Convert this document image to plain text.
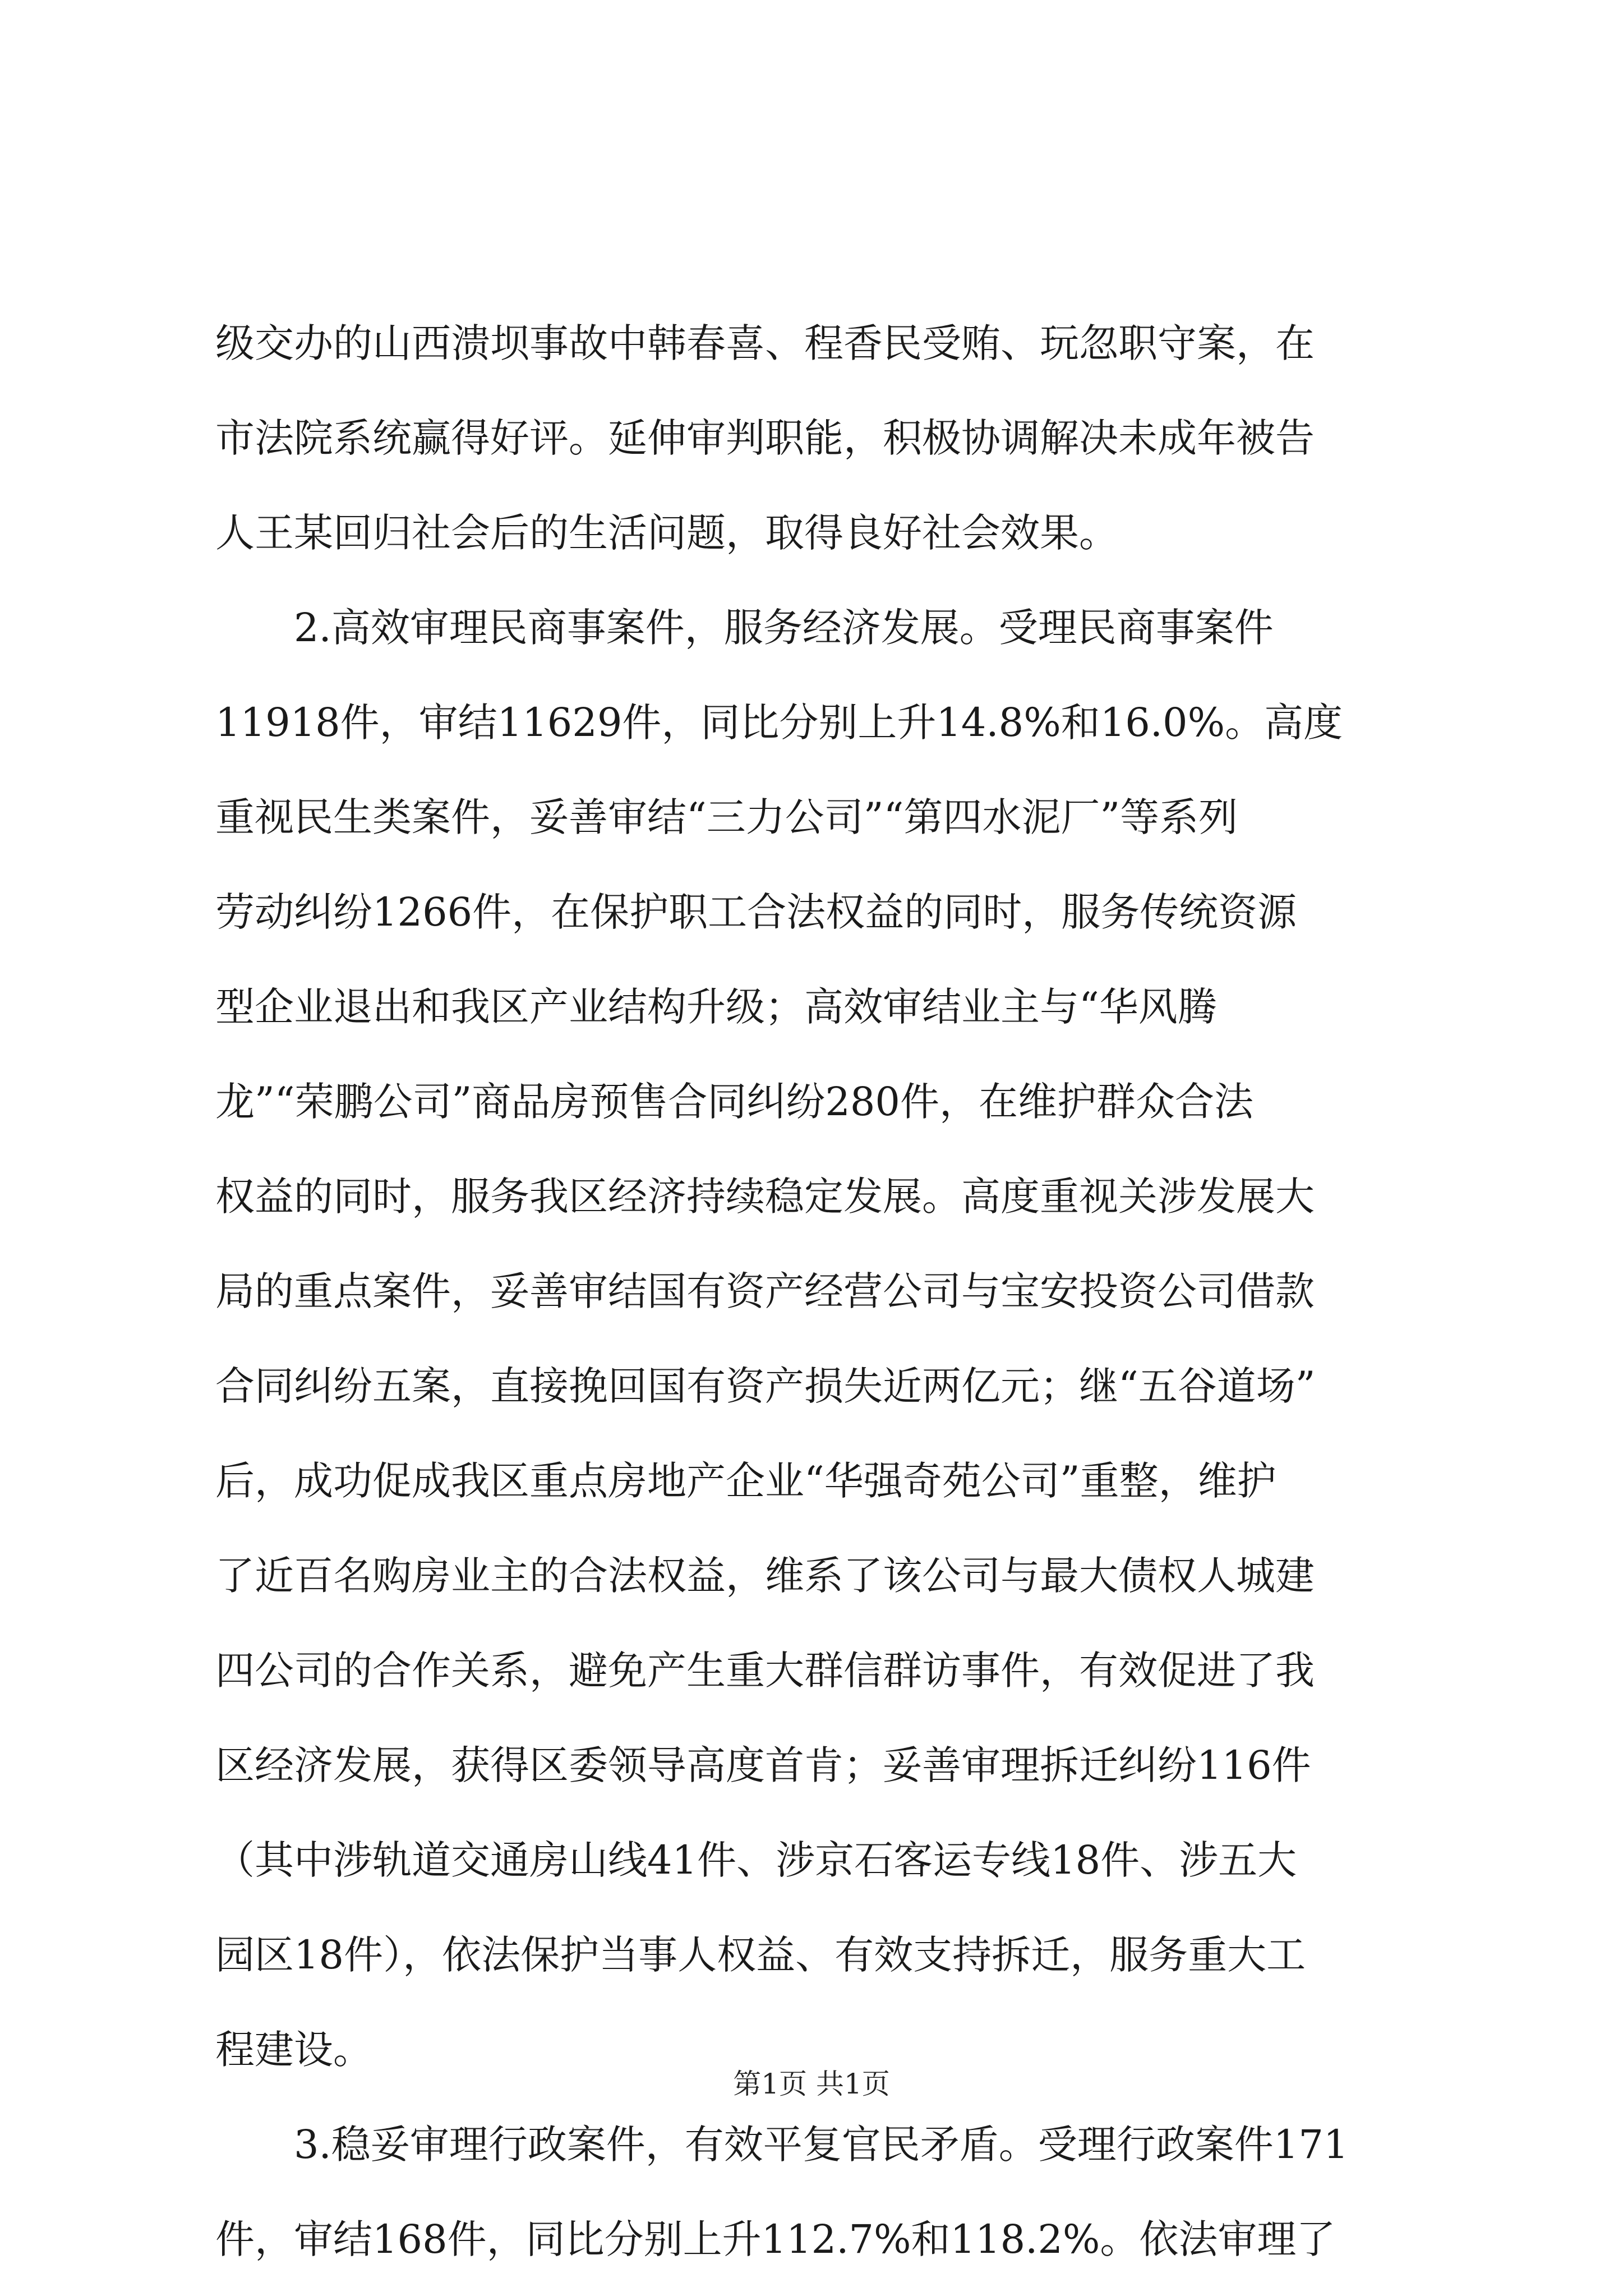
级交办的山西溃坝事故中韩春喜、程香民受贿、玩忽职守案，在
市法院系统赢得好评。延伸审判职能，积极协调解决未成年被告
人王某回归社会后的生活问题，取得良好社会效果。
　　2.高效审理民商事案件，服务经济发展。受理民商事案件
11918件，审结11629件，同比分别上升14.8%和16.0%。高度
重视民生类案件，妥善审结“三力公司”“第四水泥厂”等系列
劳动纠纷1266件，在保护职工合法权益的同时，服务传统资源
型企业退出和我区产业结构升级；高效审结业主与“华风腾
龙”“荣鹏公司”商品房预售合同纠纷280件，在维护群众合法
权益的同时，服务我区经济持续稳定发展。高度重视关涉发展大
局的重点案件，妥善审结国有资产经营公司与宝安投资公司借款
合同纠纷五案，直接挽回国有资产损失近两亿元；继“五谷道场”
后，成功促成我区重点房地产企业“华强奇苑公司”重整，维护
了近百名购房业主的合法权益，维系了该公司与最大债权人城建
四公司的合作关系，避免产生重大群信群访事件，有效促进了我
区经济发展，获得区委领导高度首肯；妥善审理拆迁纠纷116件
（其中涉轨道交通房山线41件、涉京石客运专线18件、涉五大
园区18件），依法保护当事人权益、有效支持拆迁，服务重大工
程建设。
　　3.稳妥审理行政案件，有效平复官民矛盾。受理行政案件171
件，审结168件，同比分别上升112.7%和118.2%。依法审理了
第1页 共1页
